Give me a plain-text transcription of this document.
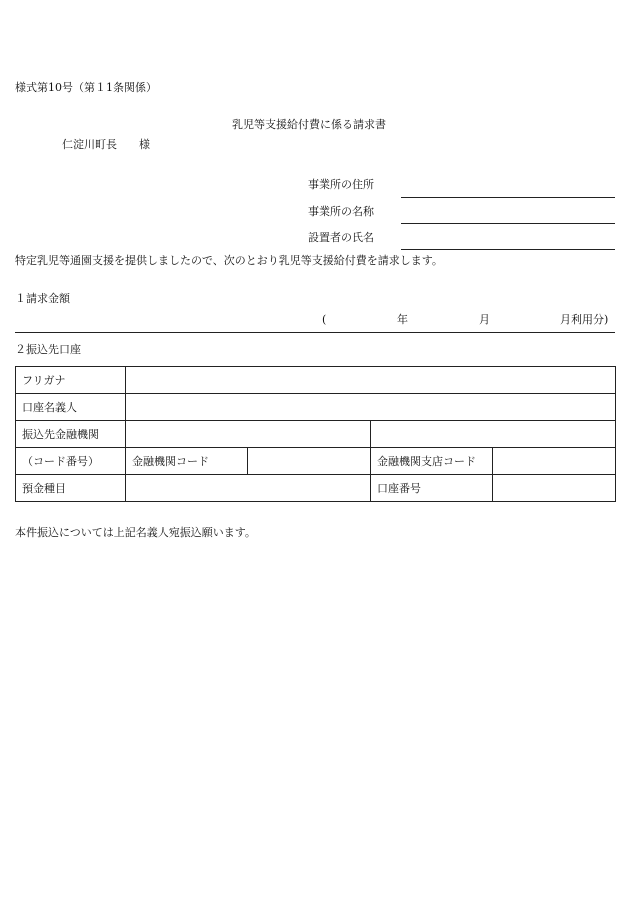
様式第10号（第１1条関係）
乳児等支援給付費に係る請求書
仁淀川町長　　様
事業所の住所
事業所の名称
設置者の氏名
特定乳児等通園支援を提供しましたので、次のとおり乳児等支援給付費を請求します。
１請求金額
(	年	月	月利用分)
２振込先口座
フリガナ				
口座名義人				
振込先金融機関				
（コード番号）	金融機関コード		金融機関支店コード	
預金種目			口座番号	
本件振込については上記名義人宛振込願います。
